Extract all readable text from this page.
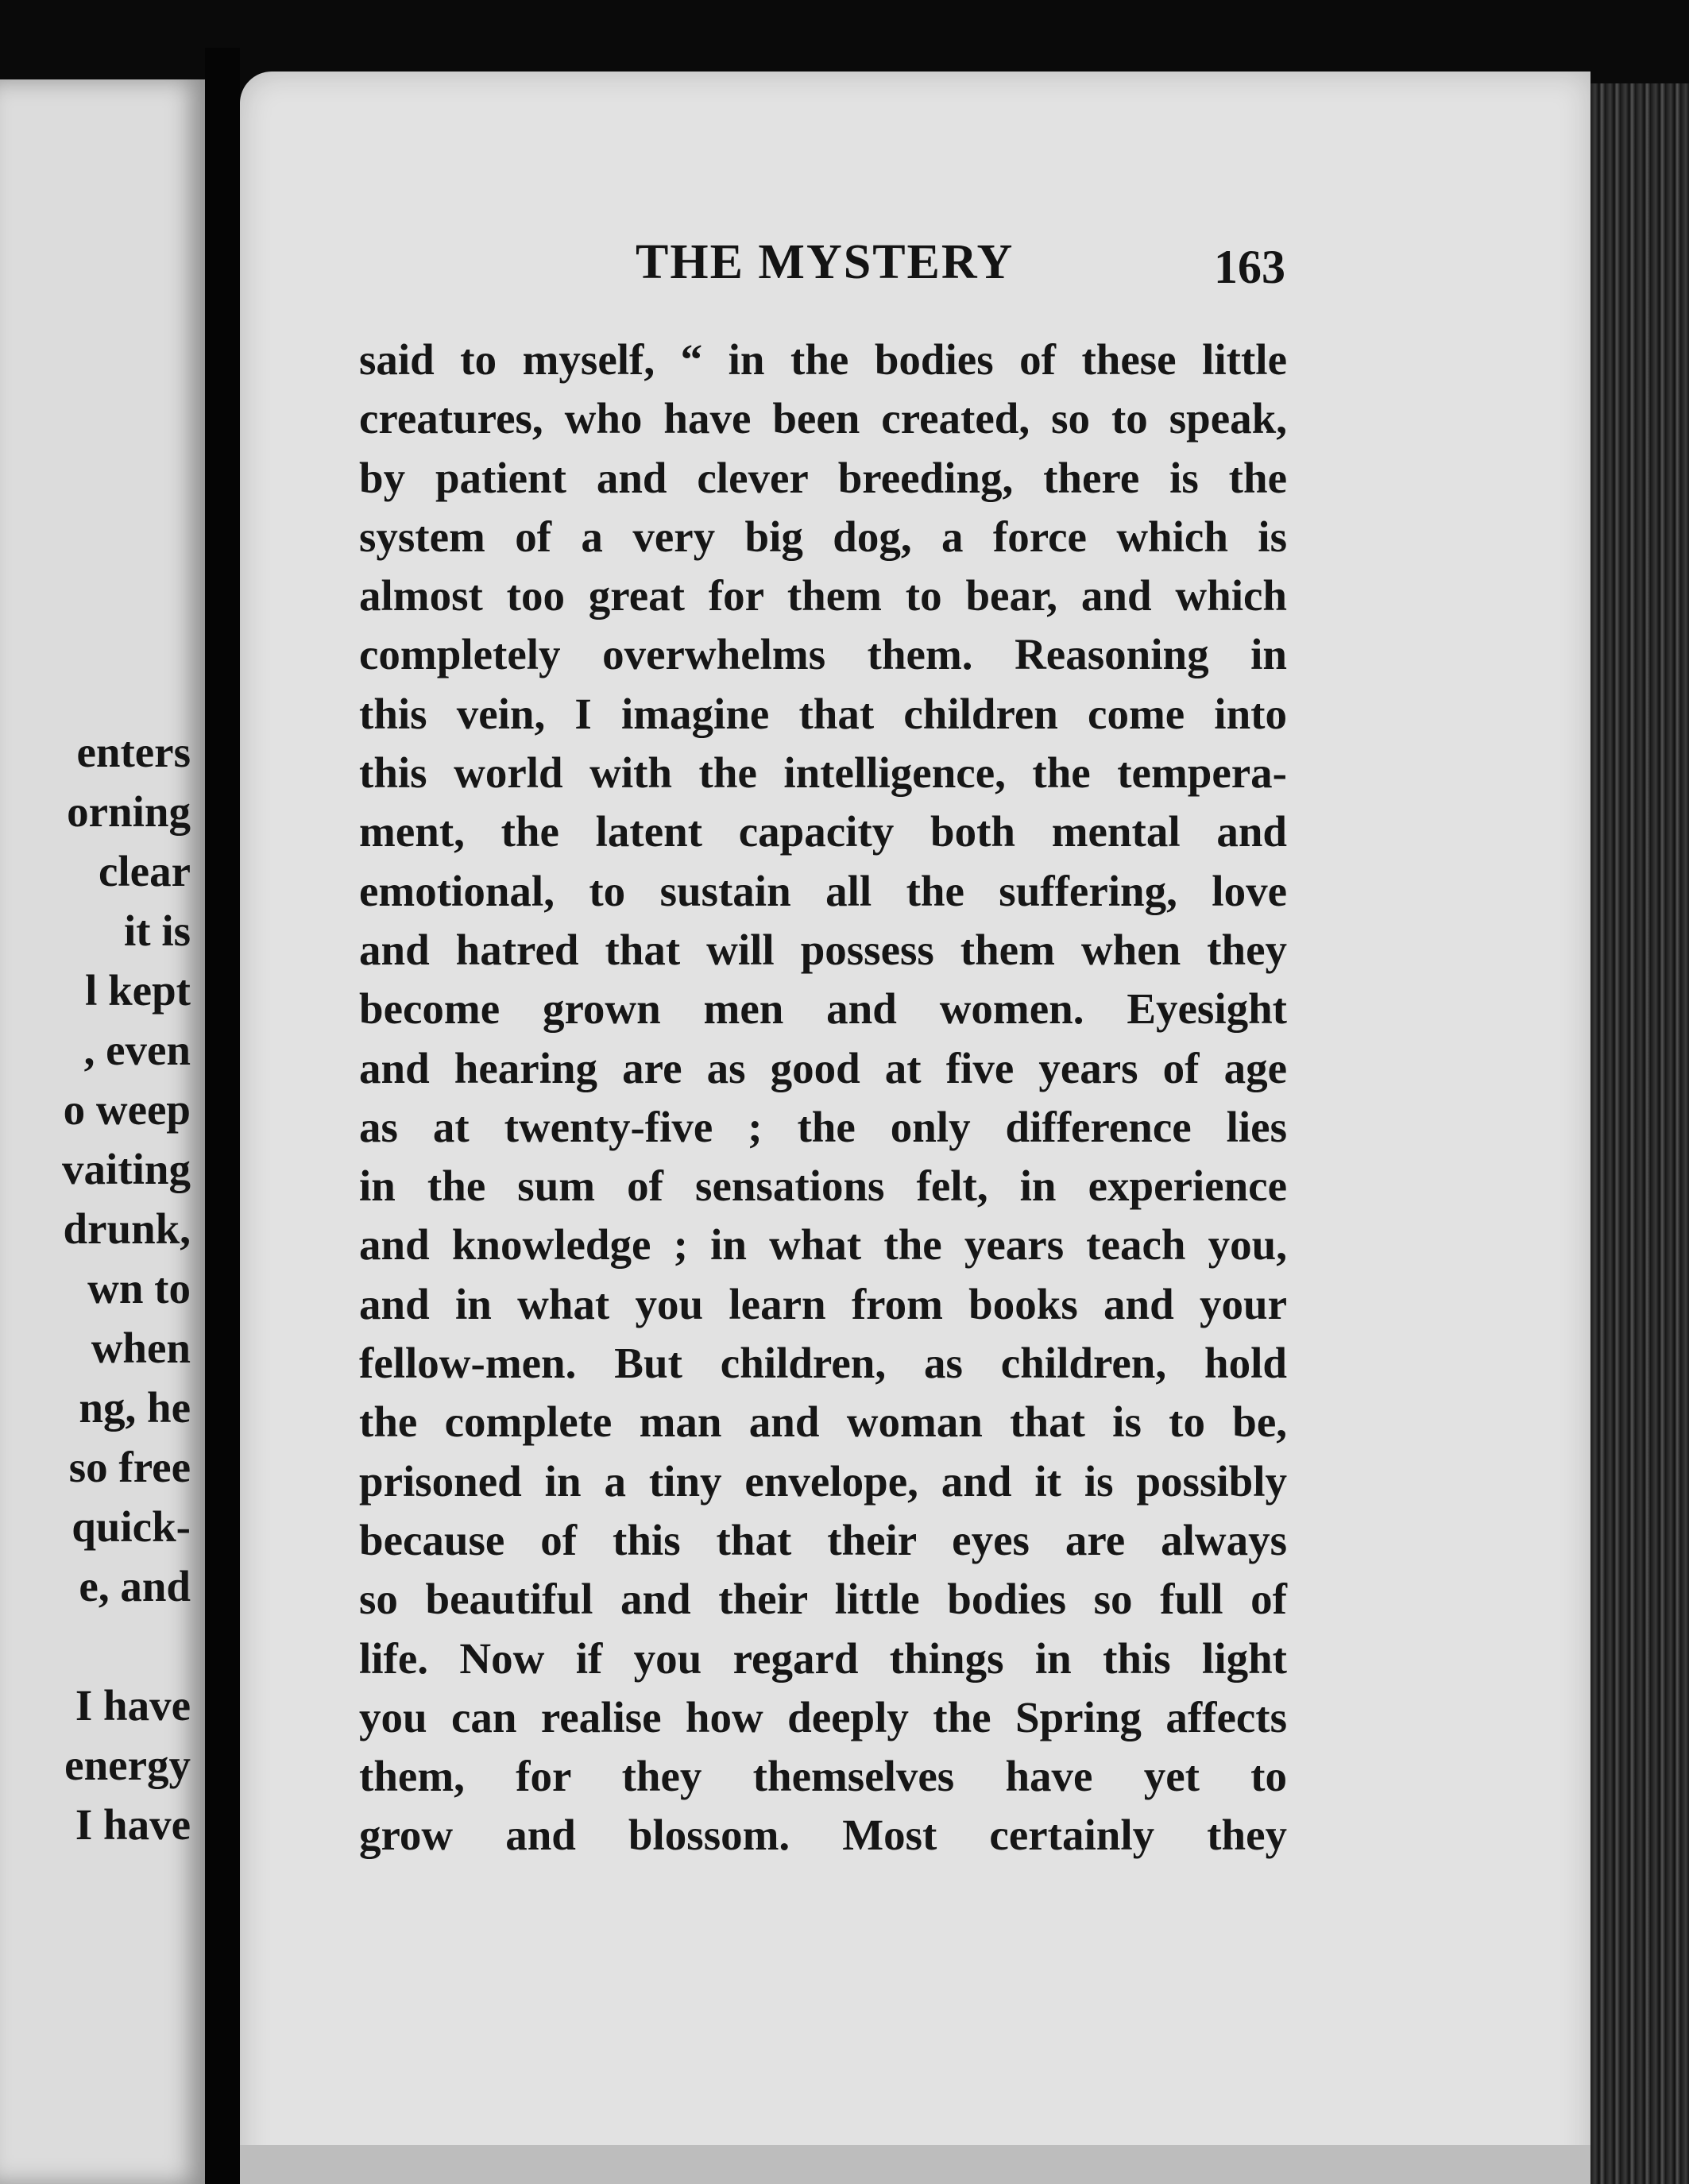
enters
orning
clear
it is
l kept
, even
o weep
vaiting
drunk,
wn to
when
ng, he
so free
quick-
e, and
I have
energy
I have
THE MYSTERY	163
said to myself, “ in the bodies of these little
creatures, who have been created, so to speak,
by patient and clever breeding, there is the
system of a very big dog, a force which is
almost too great for them to bear, and which
completely overwhelms them. Reasoning in
this vein, I imagine that children come into
this world with the intelligence, the tempera-
ment, the latent capacity both mental and
emotional, to sustain all the suffering, love
and hatred that will possess them when they
become grown men and women. Eyesight
and hearing are as good at five years of age
as at twenty-five ; the only difference lies
in the sum of sensations felt, in experience
and knowledge ; in what the years teach you,
and in what you learn from books and your
fellow-men. But children, as children, hold
the complete man and woman that is to be,
prisoned in a tiny envelope, and it is possibly
because of this that their eyes are always
so beautiful and their little bodies so full of
life. Now if you regard things in this light
you can realise how deeply the Spring affects
them, for they themselves have yet to
grow and blossom. Most certainly they
